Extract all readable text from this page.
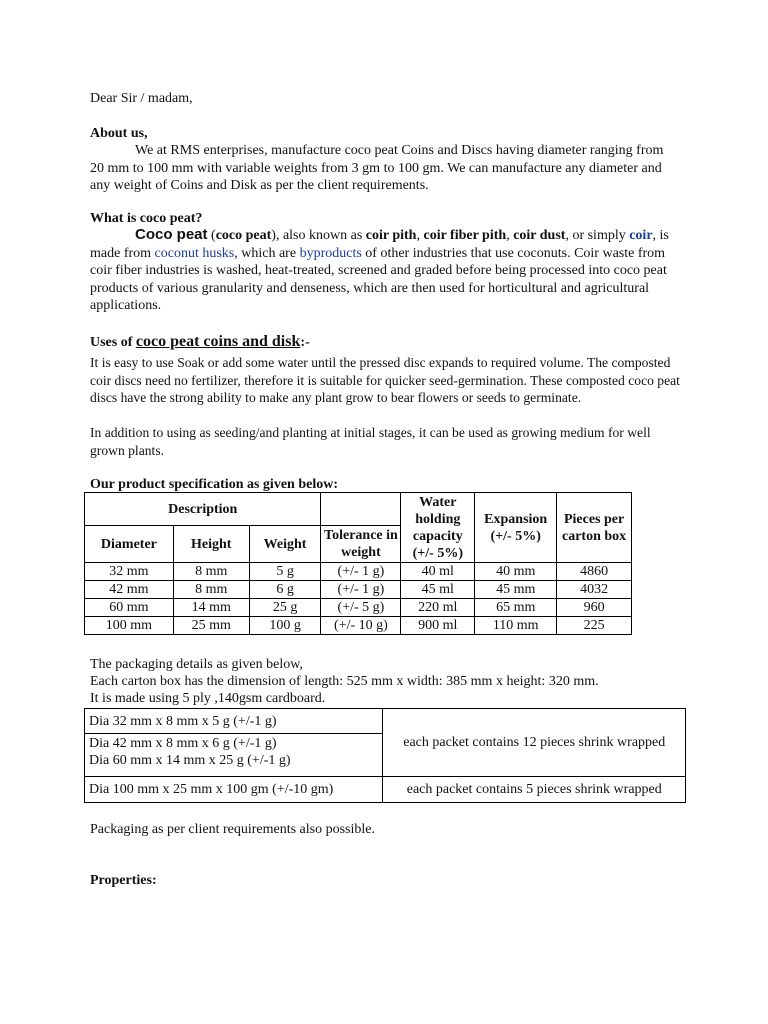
Dear Sir / madam,

About us,

We at RMS enterprises, manufacture coco peat Coins and Discs having diameter ranging from 20 mm to 100 mm with variable weights from 3 gm to 100 gm. We can manufacture any diameter and any weight of Coins and Disk as per the client requirements.

What is coco peat?

Coco peat (coco peat), also known as coir pith, coir fiber pith, coir dust, or simply coir, is made from coconut husks, which are byproducts of other industries that use coconuts. Coir waste from coir fiber industries is washed, heat-treated, screened and graded before being processed into coco peat products of various granularity and denseness, which are then used for horticultural and agricultural applications.

Uses of coco peat coins and disk:-

It is easy to use Soak or add some water until the pressed disc expands to required volume. The composted coir discs need no fertilizer, therefore it is suitable for quicker seed-germination. These composted coco peat discs have the strong ability to make any plant grow to bear flowers or seeds to germinate.

In addition to using as seeding/and planting at initial stages, it can be used as growing medium for well grown plants.

Our product specification as given below:

Description				Water holding capacity (+/- 5%)	Expansion (+/- 5%)	Pieces per carton box
Diameter	Height	Weight	Tolerance in weight			
32 mm	8 mm	5 g	(+/- 1 g)	40 ml	40 mm	4860
42 mm	8 mm	6 g	(+/- 1 g)	45 ml	45 mm	4032
60 mm	14 mm	25 g	(+/- 5 g)	220 ml	65 mm	960
100 mm	25 mm	100 g	(+/- 10 g)	900 ml	110 mm	225

The packaging details as given below,

Each carton box has the dimension of length: 525 mm x width: 385 mm x height: 320 mm.

It is made using 5 ply ,140gsm cardboard.

Dia 32 mm x 8 mm x 5 g (+/-1 g)	each packet contains 12 pieces shrink wrapped
Dia 42 mm x 8 mm x 6 g (+/-1 g)	
Dia 60 mm x 14 mm x 25 g (+/-1 g)	
Dia 100 mm x 25 mm x 100 gm (+/-10 gm)	each packet contains 5 pieces shrink wrapped

Packaging as per client requirements also possible.

Properties:
